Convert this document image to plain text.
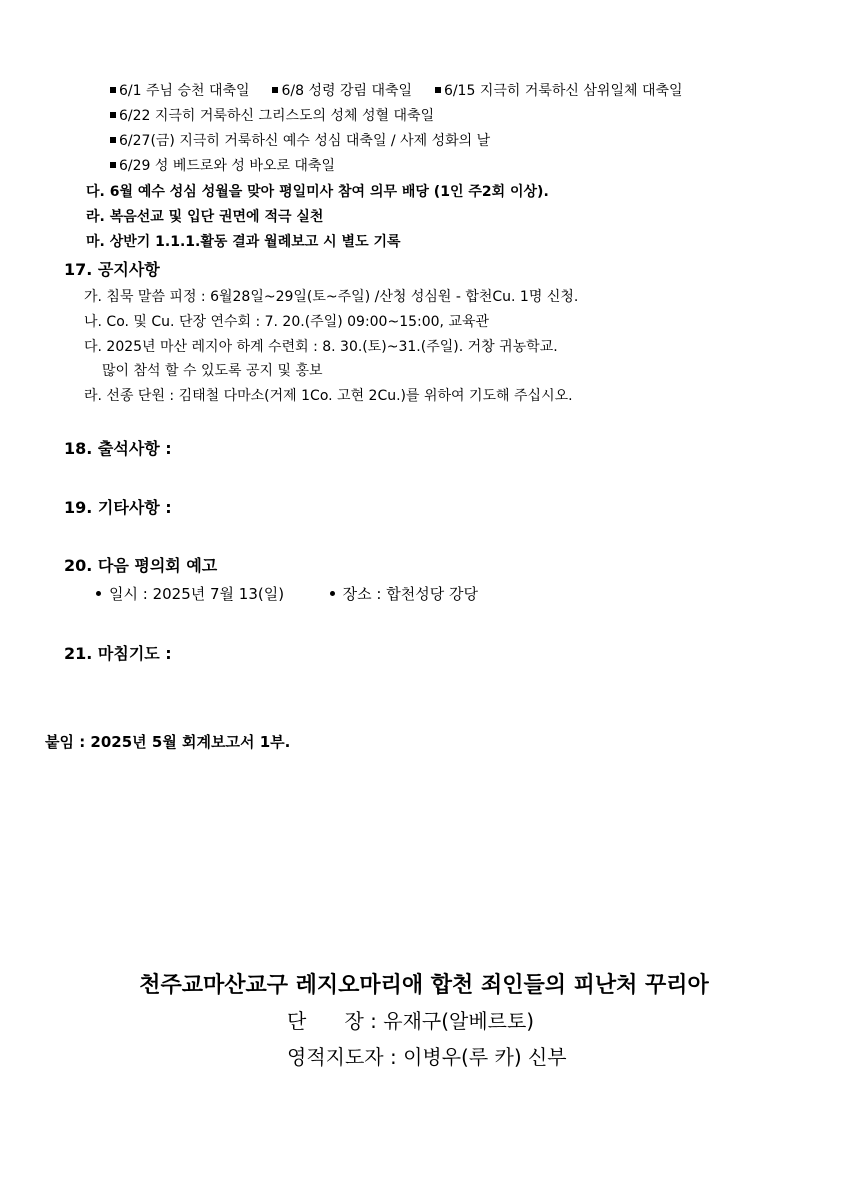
6/1 주님 승천 대축일 6/8 성령 강림 대축일 6/15 지극히 거룩하신 삼위일체 대축일
6/22 지극히 거룩하신 그리스도의 성체 성혈 대축일
6/27(금) 지극히 거룩하신 예수 성심 대축일 / 사제 성화의 날
6/29 성 베드로와 성 바오로 대축일
다. 6월 예수 성심 성월을 맞아 평일미사 참여 의무 배당 (1인 주2회 이상).
라. 복음선교 및 입단 권면에 적극 실천
마. 상반기 1.1.1.활동 결과 월례보고 시 별도 기록
17. 공지사항
가. 침묵 말씀 피정 : 6월28일~29일(토~주일) /산청 성심원 - 합천Cu. 1명 신청.
나. Co. 및 Cu. 단장 연수회 : 7. 20.(주일) 09:00~15:00, 교육관
다. 2025년 마산 레지아 하계 수련회 : 8. 30.(토)~31.(주일). 거창 귀농학교.
많이 참석 할 수 있도록 공지 및 홍보
라. 선종 단원 : 김태철 다마소(거제 1Co. 고현 2Cu.)를 위하여 기도해 주십시오.
18. 출석사항 :
19. 기타사항 :
20. 다음 평의회 예고
일시 : 2025년 7월 13(일)	장소 : 합천성당 강당
21. 마침기도 :
붙임 : 2025년 5월 회계보고서 1부.
천주교마산교구 레지오마리애 합천 죄인들의 피난처 꾸리아
단      장 : 유재구(알베르토)
영적지도자 : 이병우(루 카) 신부
